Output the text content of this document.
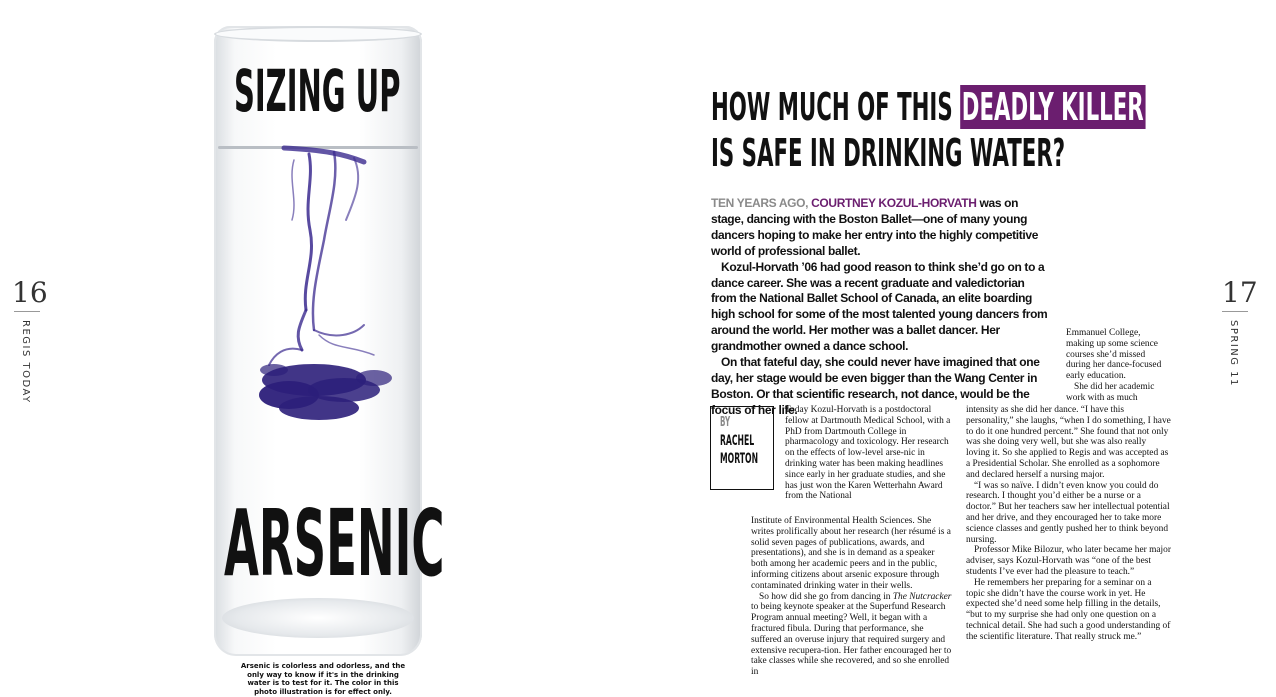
16
REGIS TODAY
SIZING UP
ARSENIC
Arsenic is colorless and odorless, and the only way to know if it's in the drinking water is to test for it. The color in this photo illustration is for effect only.
HOW MUCH OF THIS DEADLY KILLER
IS SAFE IN DRINKING WATER?

TEN YEARS AGO, COURTNEY KOZUL-HORVATH was on stage, dancing with the Boston Ballet—one of many young dancers hoping to make her entry into the highly competitive world of professional ballet.

Kozul-Horvath ’06 had good reason to think she’d go on to a dance career. She was a recent graduate and valedictorian from the National Ballet School of Canada, an elite boarding high school for some of the most talented young dancers from around the world. Her mother was a ballet dancer. Her grandmother owned a dance school.

On that fateful day, she could never have imagined that one day, her stage would be even bigger than the Wang Center in Boston. Or that scientific research, not dance, would be the focus of her life.

BY
RACHEL
MORTON

Today Kozul-Horvath is a postdoctoral fellow at Dartmouth Medical School, with a PhD from Dartmouth College in pharmacology and toxicology. Her research on the effects of low-level arse-nic in drinking water has been making headlines since early in her graduate studies, and she has just won the Karen Wetterhahn Award from the National

Institute of Environmental Health Sciences. She writes prolifically about her research (her résumé is a solid seven pages of publications, awards, and presentations), and she is in demand as a speaker both among her academic peers and in the public, informing citizens about arsenic exposure through contaminated drinking water in their wells.

So how did she go from dancing in The Nutcracker to being keynote speaker at the Superfund Research Program annual meeting? Well, it began with a fractured fibula. During that performance, she suffered an overuse injury that required surgery and extensive recupera-tion. Her father encouraged her to take classes while she recovered, and so she enrolled in

Emmanuel College, making up some science courses she’d missed during her dance-focused early education.

She did her academic work with as much

intensity as she did her dance. “I have this personality,” she laughs, “when I do something, I have to do it one hundred percent.” She found that not only was she doing very well, but she was also really loving it. So she applied to Regis and was accepted as a Presidential Scholar. She enrolled as a sophomore and declared herself a nursing major.

“I was so naïve. I didn’t even know you could do research. I thought you’d either be a nurse or a doctor.” But her teachers saw her intellectual potential and her drive, and they encouraged her to take more science classes and gently pushed her to think beyond nursing.

Professor Mike Bilozur, who later became her major adviser, says Kozul-Horvath was “one of the best students I’ve ever had the pleasure to teach.”

He remembers her preparing for a seminar on a topic she didn’t have the course work in yet. He expected she’d need some help filling in the details, “but to my surprise she had only one question on a technical detail. She had such a good understanding of the scientific literature. That really struck me.”

17
SPRING 11
